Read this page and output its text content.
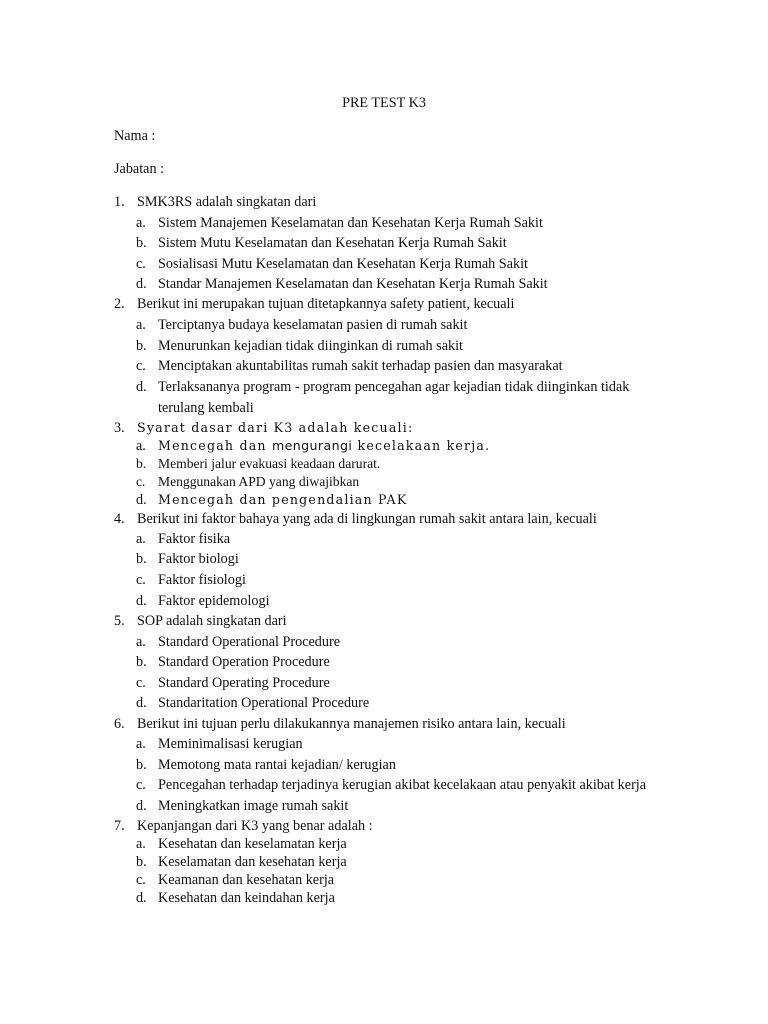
PRE TEST K3
Nama :
Jabatan :
1. SMK3RS adalah singkatan dari
a. Sistem Manajemen Keselamatan dan Kesehatan Kerja Rumah Sakit
b. Sistem Mutu Keselamatan dan Kesehatan Kerja Rumah Sakit
c. Sosialisasi Mutu Keselamatan dan Kesehatan Kerja Rumah Sakit
d. Standar Manajemen Keselamatan dan Kesehatan Kerja Rumah Sakit
2. Berikut ini merupakan tujuan ditetapkannya safety patient, kecuali
a. Terciptanya budaya keselamatan pasien di rumah sakit
b. Menurunkan kejadian tidak diinginkan di rumah sakit
c. Menciptakan akuntabilitas rumah sakit terhadap pasien dan masyarakat
d. Terlaksananya program - program pencegahan agar kejadian tidak diinginkan tidak
terulang kembali
3. Syarat dasar dari K3 adalah kecuali:
a. Mencegah dan mengurangi kecelakaan kerja.
b. Memberi jalur evakuasi keadaan darurat.
c. Menggunakan APD yang diwajibkan
d. Mencegah dan pengendalian PAK
4. Berikut ini faktor bahaya yang ada di lingkungan rumah sakit antara lain, kecuali
a. Faktor fisika
b. Faktor biologi
c. Faktor fisiologi
d. Faktor epidemologi
5. SOP adalah singkatan dari
a. Standard Operational Procedure
b. Standard Operation Procedure
c. Standard Operating Procedure
d. Standaritation Operational Procedure
6. Berikut ini tujuan perlu dilakukannya manajemen risiko antara lain, kecuali
a. Meminimalisasi kerugian
b. Memotong mata rantai kejadian/ kerugian
c. Pencegahan terhadap terjadinya kerugian akibat kecelakaan atau penyakit akibat kerja
d. Meningkatkan image rumah sakit
7. Kepanjangan dari K3 yang benar adalah :
a. Kesehatan dan keselamatan kerja
b. Keselamatan dan kesehatan kerja
c. Keamanan dan kesehatan kerja
d. Kesehatan dan keindahan kerja
